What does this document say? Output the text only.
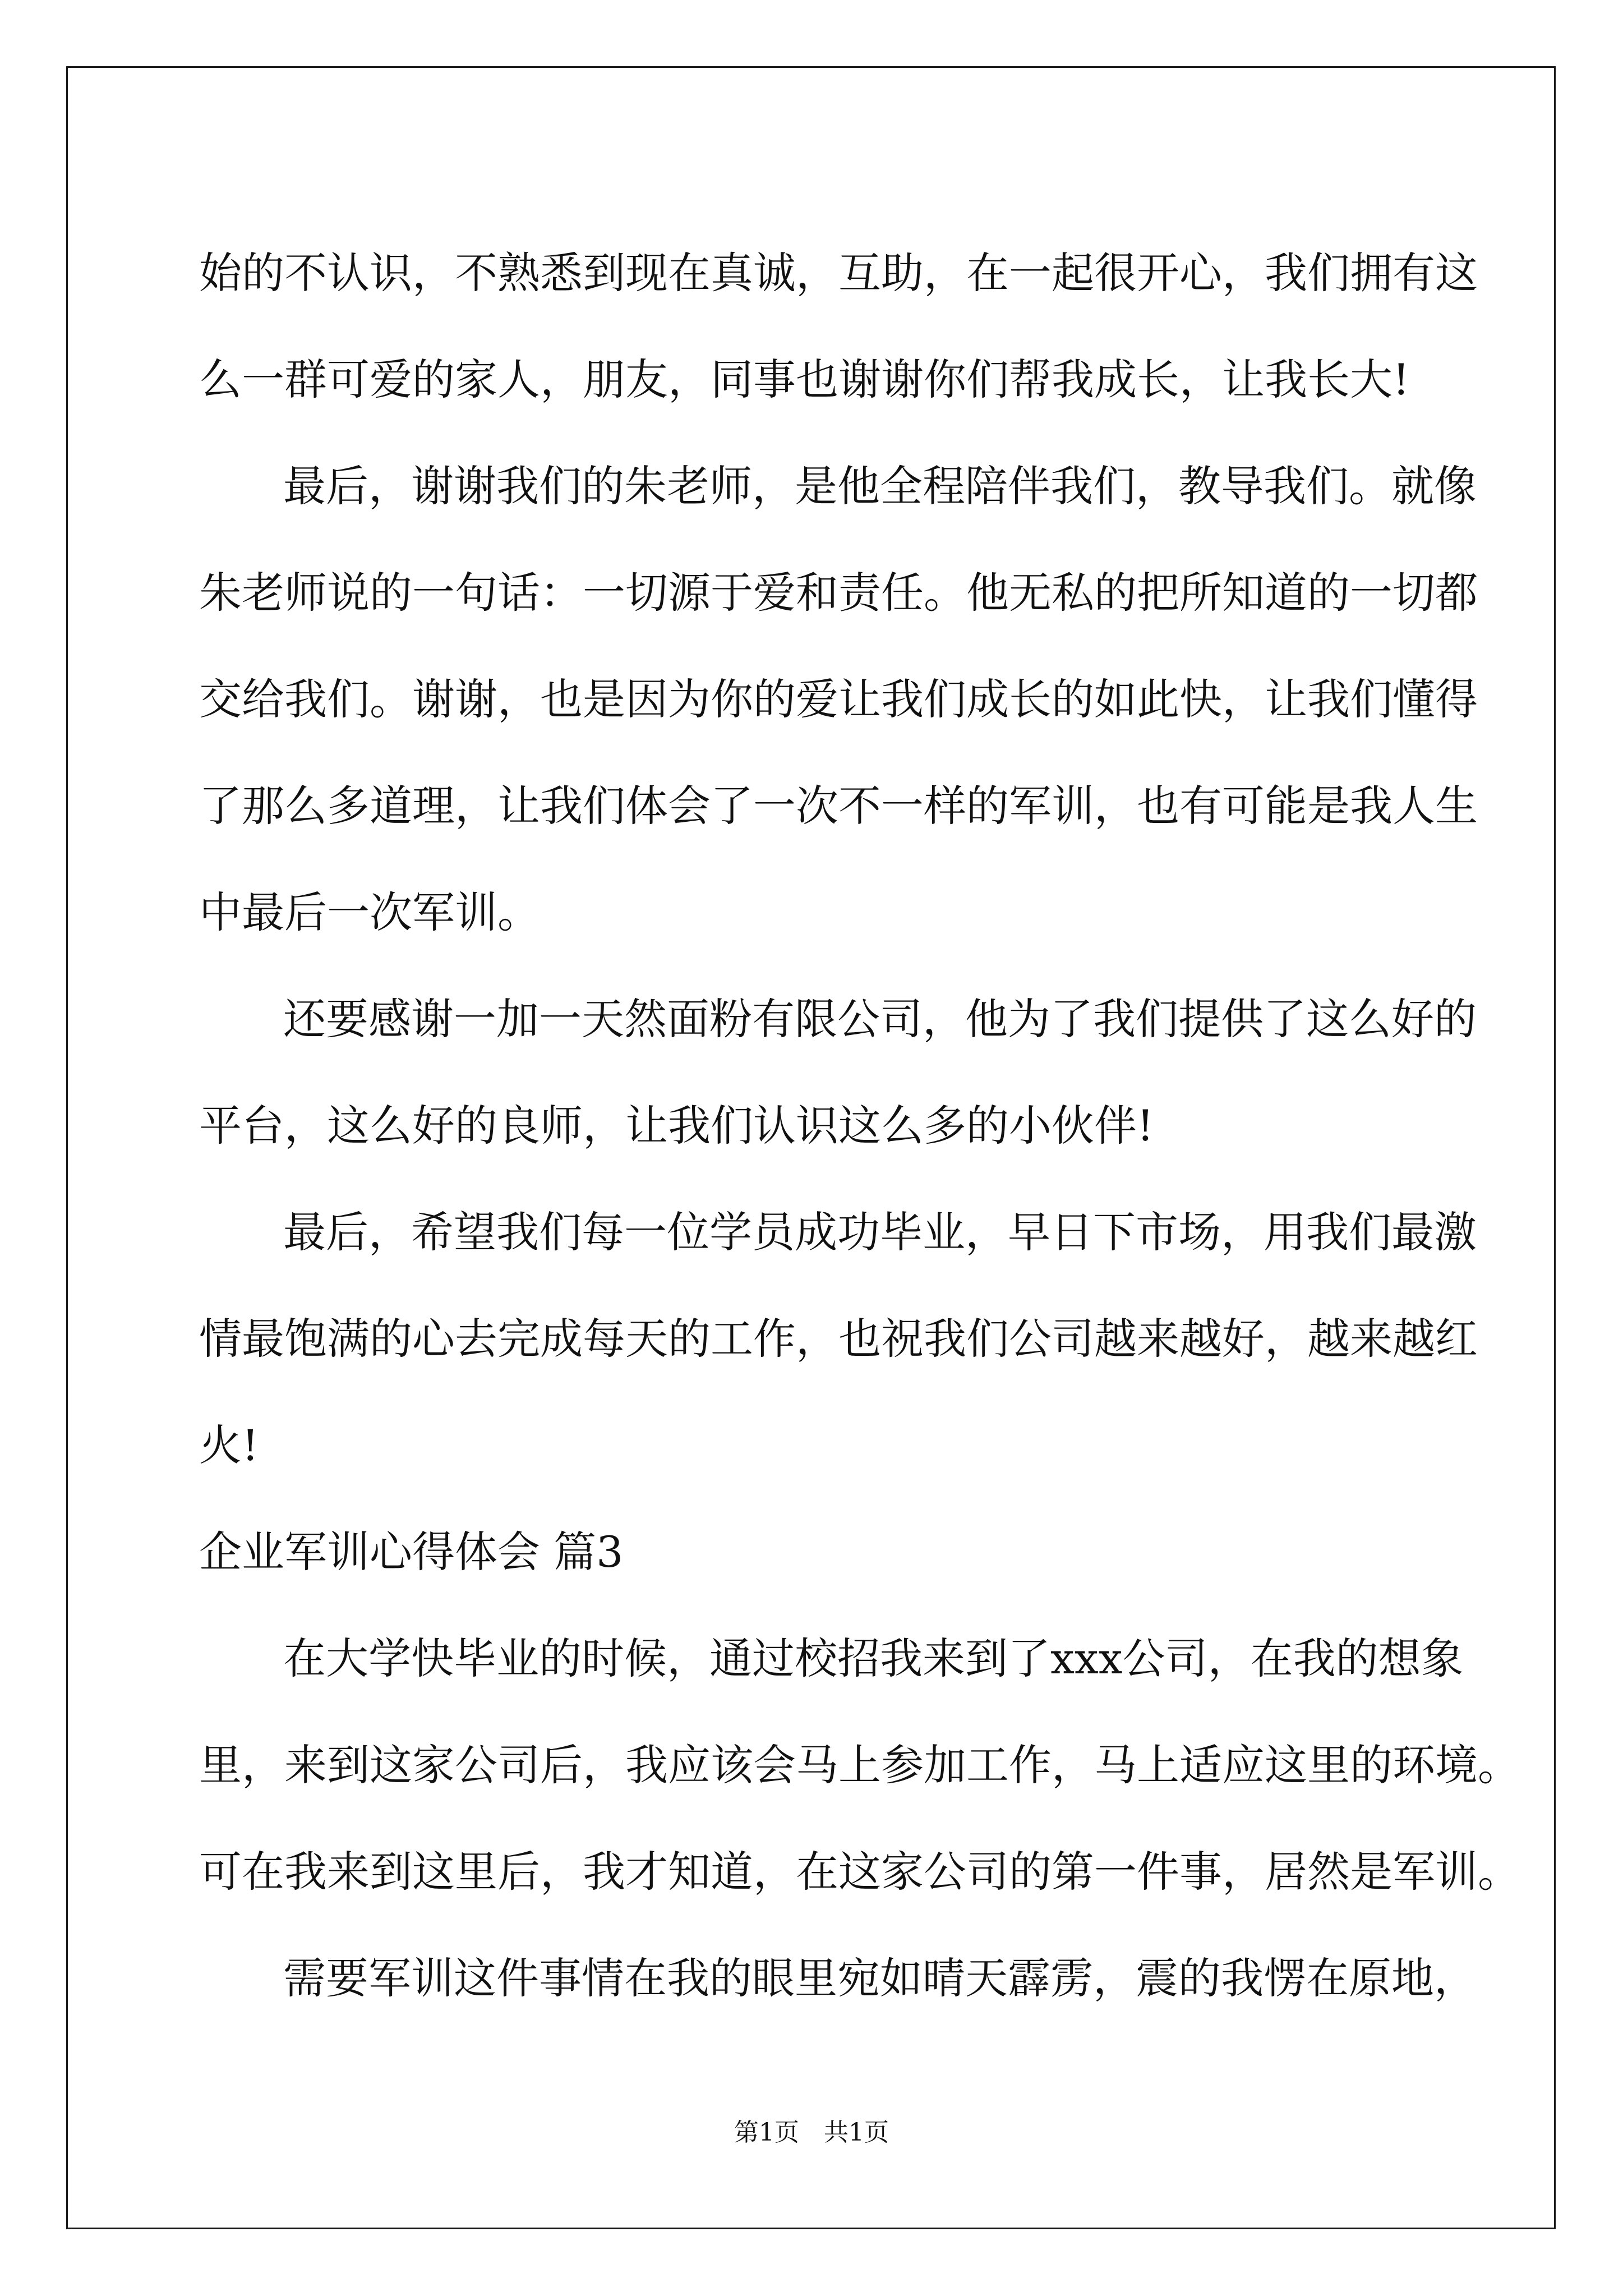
始的不认识，不熟悉到现在真诚，互助，在一起很开心，我们拥有这
么一群可爱的家人，朋友，同事也谢谢你们帮我成长，让我长大!
最后，谢谢我们的朱老师，是他全程陪伴我们，教导我们。就像
朱老师说的一句话：一切源于爱和责任。他无私的把所知道的一切都
交给我们。谢谢，也是因为你的爱让我们成长的如此快，让我们懂得
了那么多道理，让我们体会了一次不一样的军训，也有可能是我人生
中最后一次军训。
还要感谢一加一天然面粉有限公司，他为了我们提供了这么好的
平台，这么好的良师，让我们认识这么多的小伙伴!
最后，希望我们每一位学员成功毕业，早日下市场，用我们最激
情最饱满的心去完成每天的工作，也祝我们公司越来越好，越来越红
火!
企业军训心得体会 篇3
在大学快毕业的时候，通过校招我来到了xxx公司，在我的想象
里，来到这家公司后，我应该会马上参加工作，马上适应这里的环境。
可在我来到这里后，我才知道，在这家公司的第一件事，居然是军训。
需要军训这件事情在我的眼里宛如晴天霹雳，震的我愣在原地，
第1页　共1页
